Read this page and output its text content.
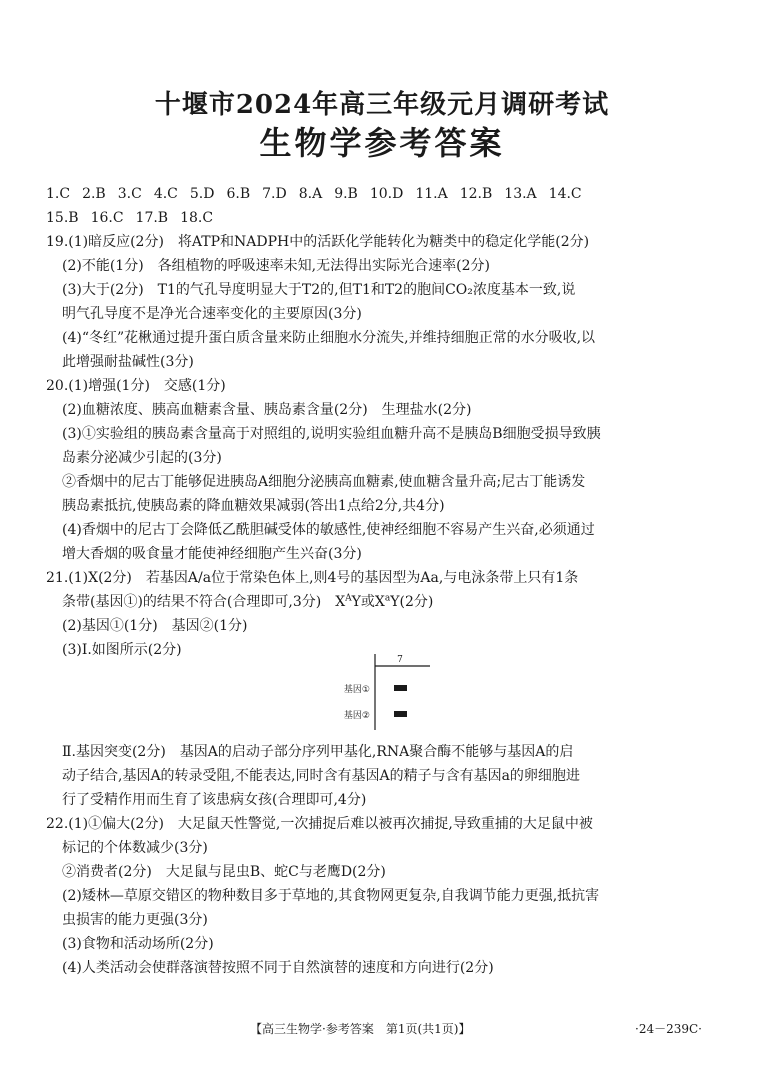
十堰市2024年高三年级元月调研考试
生物学参考答案
1.C 2.B 3.C 4.C 5.D 6.B 7.D 8.A 9.B 10.D 11.A 12.B 13.A 14.C
15.B 16.C 17.B 18.C
19.(1)暗反应(2分)　将ATP和NADPH中的活跃化学能转化为糖类中的稳定化学能(2分)
(2)不能(1分)　各组植物的呼吸速率未知,无法得出实际光合速率(2分)
(3)大于(2分)　T1的气孔导度明显大于T2的,但T1和T2的胞间CO₂浓度基本一致,说
明气孔导度不是净光合速率变化的主要原因(3分)
(4)“冬红”花楸通过提升蛋白质含量来防止细胞水分流失,并维持细胞正常的水分吸收,以
此增强耐盐碱性(3分)
20.(1)增强(1分)　交感(1分)
(2)血糖浓度、胰高血糖素含量、胰岛素含量(2分)　生理盐水(2分)
(3)①实验组的胰岛素含量高于对照组的,说明实验组血糖升高不是胰岛B细胞受损导致胰
岛素分泌减少引起的(3分)
②香烟中的尼古丁能够促进胰岛A细胞分泌胰高血糖素,使血糖含量升高;尼古丁能诱发
胰岛素抵抗,使胰岛素的降血糖效果减弱(答出1点给2分,共4分)
(4)香烟中的尼古丁会降低乙酰胆碱受体的敏感性,使神经细胞不容易产生兴奋,必须通过
增大香烟的吸食量才能使神经细胞产生兴奋(3分)
21.(1)X(2分)　若基因A/a位于常染色体上,则4号的基因型为Aa,与电泳条带上只有1条
条带(基因①)的结果不符合(合理即可,3分)　$X^AY$或$X^aY(2$分)
(2)基因①(1分)　基因②(1分)
(3)Ⅰ.如图所示(2分)
7
基因①
基因②
Ⅱ.基因突变(2分)　基因A的启动子部分序列甲基化,RNA聚合酶不能够与基因A的启
动子结合,基因A的转录受阻,不能表达,同时含有基因A的精子与含有基因a的卵细胞进
行了受精作用而生育了该患病女孩(合理即可,4分)
22.(1)①偏大(2分)　大足鼠天性警觉,一次捕捉后难以被再次捕捉,导致重捕的大足鼠中被
标记的个体数减少(3分)
②消费者(2分)　大足鼠与昆虫B、蛇C与老鹰D(2分)
(2)矮林—草原交错区的物种数目多于草地的,其食物网更复杂,自我调节能力更强,抵抗害
虫损害的能力更强(3分)
(3)食物和活动场所(2分)
(4)人类活动会使群落演替按照不同于自然演替的速度和方向进行(2分)
【高三生物学·参考答案　第1页(共1页)】	·24－239C·
